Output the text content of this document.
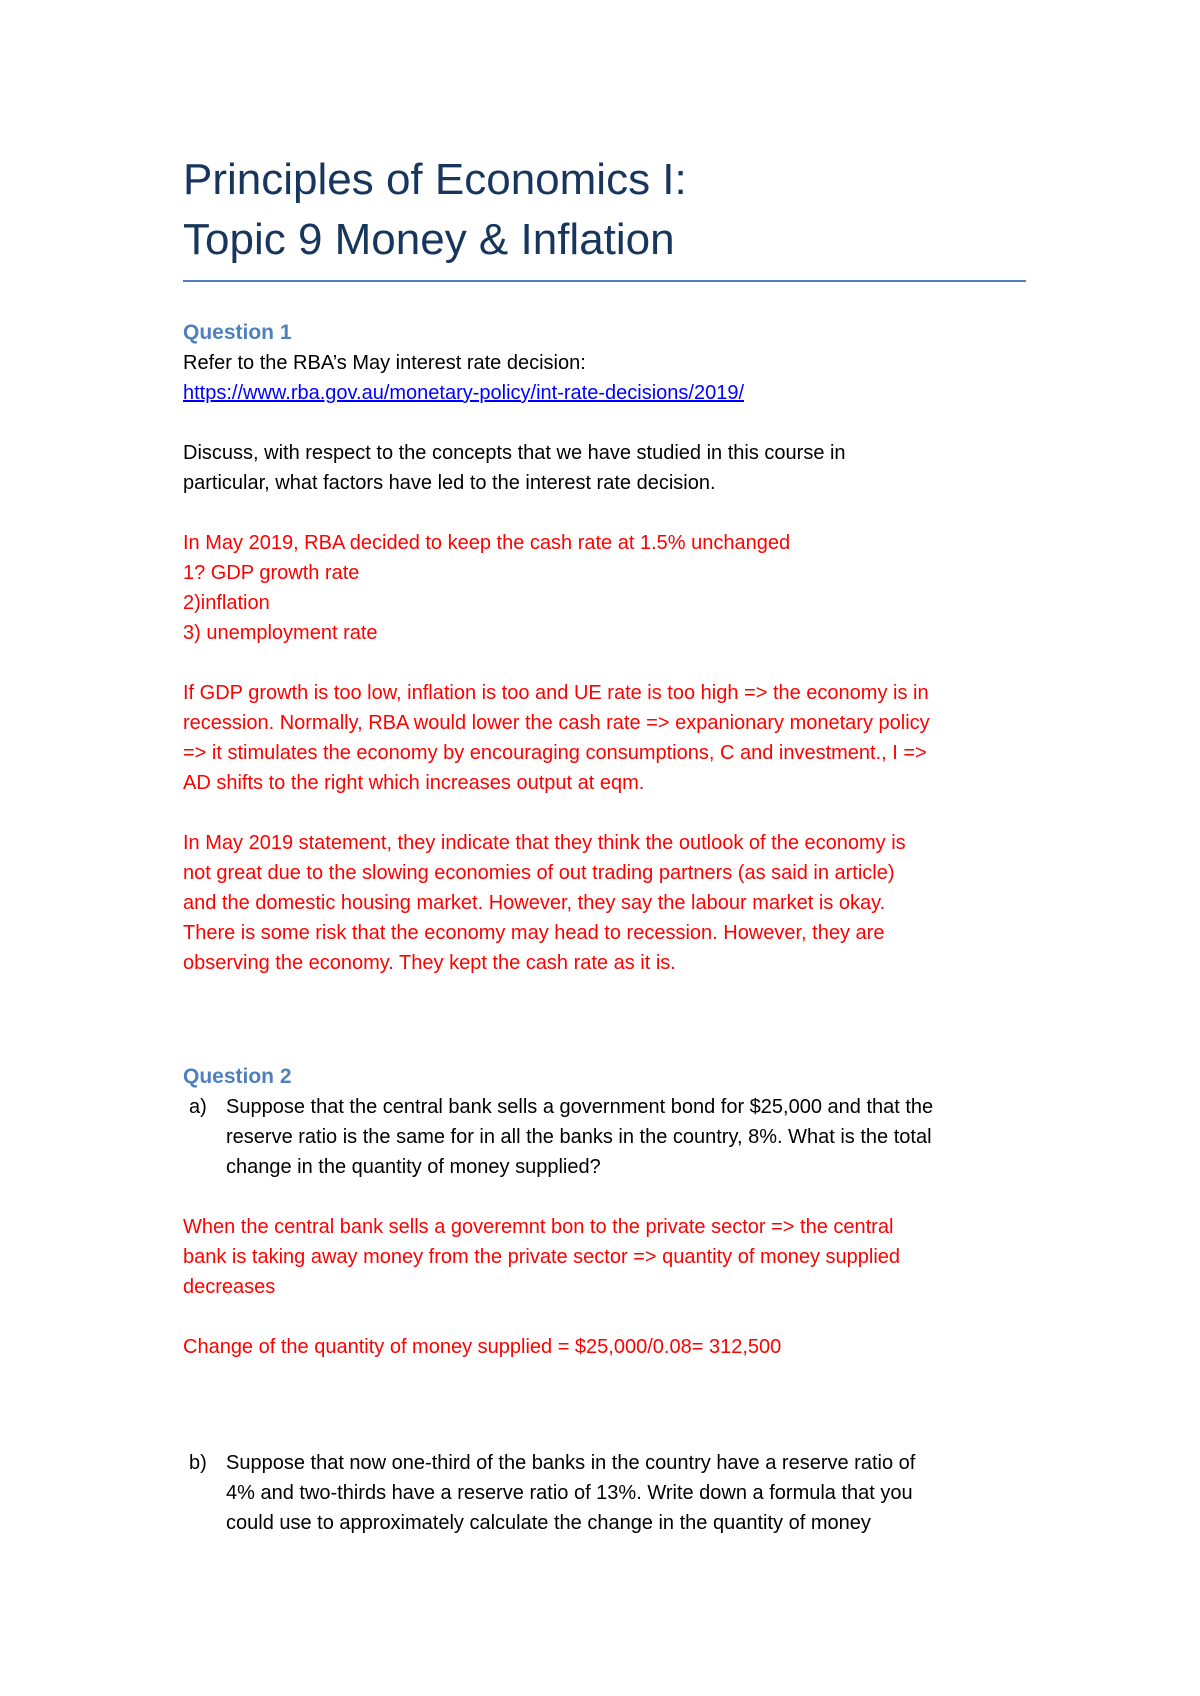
Principles of Economics I:
Topic 9 Money & Inflation

Question 1

Refer to the RBA’s May interest rate decision:

https://www.rba.gov.au/monetary-policy/int-rate-decisions/2019/

Discuss, with respect to the concepts that we have studied in this course in

particular, what factors have led to the interest rate decision.

In May 2019, RBA decided to keep the cash rate at 1.5% unchanged

1? GDP growth rate

2)inflation

3) unemployment rate

If GDP growth is too low, inflation is too and UE rate is too high => the economy is in

recession. Normally, RBA would lower the cash rate => expanionary monetary policy

=> it stimulates the economy by encouraging consumptions, C and investment., I =>

AD shifts to the right which increases output at eqm.

In May 2019 statement, they indicate that they think the outlook of the economy is

not great due to the slowing economies of out trading partners (as said in article)

and the domestic housing market. However, they say the labour market is okay.

There is some risk that the economy may head to recession. However, they are

observing the economy. They kept the cash rate as it is.

Question 2

a) Suppose that the central bank sells a government bond for $25,000 and that the

reserve ratio is the same for in all the banks in the country, 8%. What is the total

change in the quantity of money supplied?

When the central bank sells a goveremnt bon to the private sector => the central

bank is taking away money from the private sector => quantity of money supplied

decreases

Change of the quantity of money supplied = $25,000/0.08= 312,500

b) Suppose that now one-third of the banks in the country have a reserve ratio of

4% and two-thirds have a reserve ratio of 13%. Write down a formula that you

could use to approximately calculate the change in the quantity of money
